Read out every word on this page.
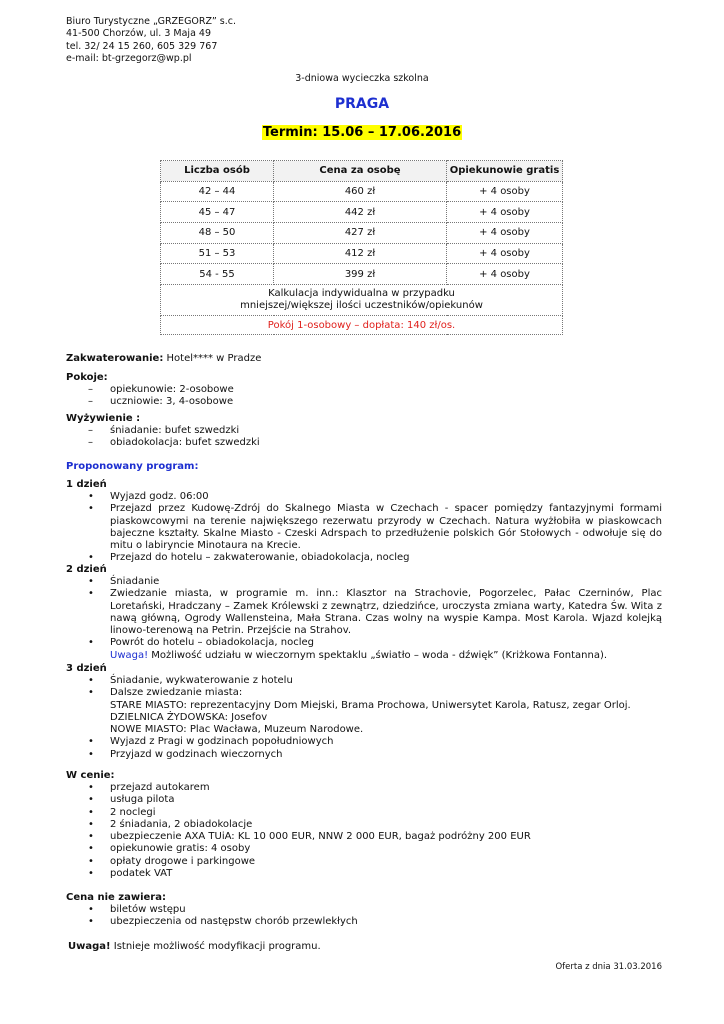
Biuro Turystyczne „GRZEGORZ” s.c.
41-500 Chorzów, ul. 3 Maja 49
tel. 32/ 24 15 260, 605 329 767
e-mail: bt-grzegorz@wp.pl
3-dniowa wycieczka szkolna
PRAGA
Termin: 15.06 – 17.06.2016
Liczba osób	Cena za osobę	Opiekunowie gratis
42 – 44	460 zł	+ 4 osoby
45 – 47	442 zł	+ 4 osoby
48 – 50	427 zł	+ 4 osoby
51 – 53	412 zł	+ 4 osoby
54 - 55	399 zł	+ 4 osoby

Kalkulacja indywidualna w przypadku
mniejszej/większej ilości uczestników/opiekunów		

Pokój 1-osobowy – dopłata: 140 zł/os.		
Zakwaterowanie: Hotel**** w Pradze
Pokoje:
– opiekunowie: 2-osobowe
– uczniowie: 3, 4-osobowe
Wyżywienie :
– śniadanie: bufet szwedzki
– obiadokolacja: bufet szwedzki
Proponowany program:
1 dzień
• Wyjazd godz. 06:00
• Przejazd przez Kudowę-Zdrój do Skalnego Miasta w Czechach - spacer pomiędzy fantazyjnymi formami piaskowcowymi na terenie największego rezerwatu przyrody w Czechach. Natura wyżłobiła w piaskowcach bajeczne kształty. Skalne Miasto - Czeski Adrspach to przedłużenie polskich Gór Stołowych - odwołuje się do mitu o labiryncie Minotaura na Krecie.
• Przejazd do hotelu – zakwaterowanie, obiadokolacja, nocleg
2 dzień
• Śniadanie
• Zwiedzanie miasta, w programie m. inn.: Klasztor na Strachovie, Pogorzelec, Pałac Czerninów, Plac Loretański, Hradczany – Zamek Królewski z zewnątrz, dziedzińce, uroczysta zmiana warty, Katedra Św. Wita z nawą główną, Ogrody Wallensteina, Mała Strana. Czas wolny na wyspie Kampa. Most Karola. Wjazd kolejką linowo-terenową na Petrin. Przejście na Strahov.
• Powrót do hotelu – obiadokolacja, nocleg
Uwaga! Możliwość udziału w wieczornym spektaklu „światło – woda - dźwięk” (Kriżkowa Fontanna).
3 dzień
• Śniadanie, wykwaterowanie z hotelu
• Dalsze zwiedzanie miasta:
STARE MIASTO: reprezentacyjny Dom Miejski, Brama Prochowa, Uniwersytet Karola, Ratusz, zegar Orloj.
DZIELNICA ŻYDOWSKA: Josefov
NOWE MIASTO: Plac Wacława, Muzeum Narodowe.
• Wyjazd z Pragi w godzinach popołudniowych
• Przyjazd w godzinach wieczornych
W cenie:
• przejazd autokarem
• usługa pilota
• 2 noclegi
• 2 śniadania, 2 obiadokolacje
• ubezpieczenie AXA TUiA: KL 10 000 EUR, NNW 2 000 EUR, bagaż podróżny 200 EUR
• opiekunowie gratis: 4 osoby
• opłaty drogowe i parkingowe
• podatek VAT
Cena nie zawiera:
• biletów wstępu
• ubezpieczenia od następstw chorób przewlekłych
Uwaga! Istnieje możliwość modyfikacji programu.
Oferta z dnia 31.03.2016
